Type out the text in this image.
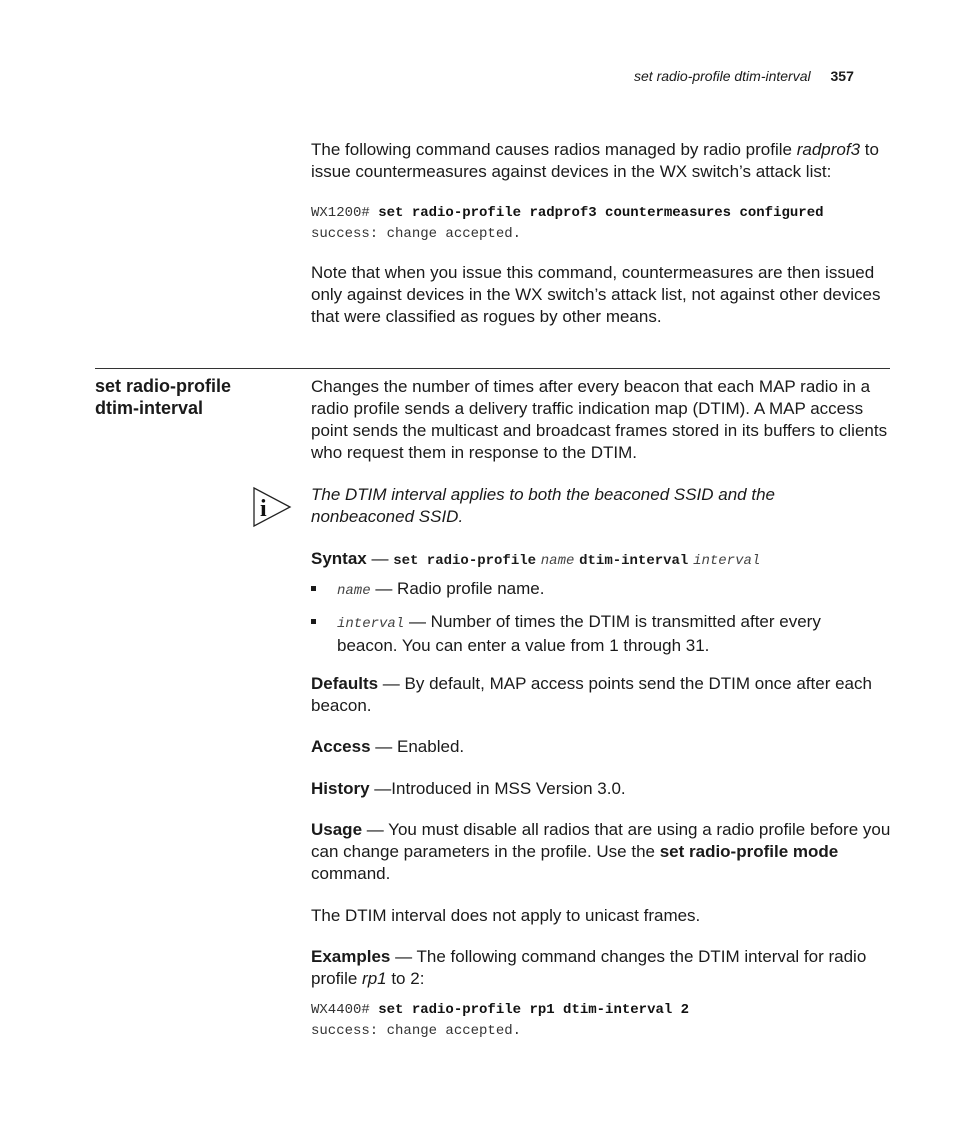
set radio-profile dtim-interval 357

The following command causes radios managed by radio profile radprof3 to issue countermeasures against devices in the WX switch’s attack list:

WX1200# set radio-profile radprof3 countermeasures configured
success: change accepted.

Note that when you issue this command, countermeasures are then issued only against devices in the WX switch’s attack list, not against other devices that were classified as rogues by other means.

set radio-profile
dtim-interval

Changes the number of times after every beacon that each MAP radio in a radio profile sends a delivery traffic indication map (DTIM). A MAP access point sends the multicast and broadcast frames stored in its buffers to clients who request them in response to the DTIM.

i

The DTIM interval applies to both the beaconed SSID and the nonbeaconed SSID.

Syntax — set radio-profile name dtim-interval interval
name — Radio profile name.
interval — Number of times the DTIM is transmitted after every beacon. You can enter a value from 1 through 31.

Defaults — By default, MAP access points send the DTIM once after each beacon.

Access — Enabled.

History —Introduced in MSS Version 3.0.

Usage — You must disable all radios that are using a radio profile before you can change parameters in the profile. Use the set radio-profile mode command.

The DTIM interval does not apply to unicast frames.

Examples — The following command changes the DTIM interval for radio profile rp1 to 2:

WX4400# set radio-profile rp1 dtim-interval 2
success: change accepted.
